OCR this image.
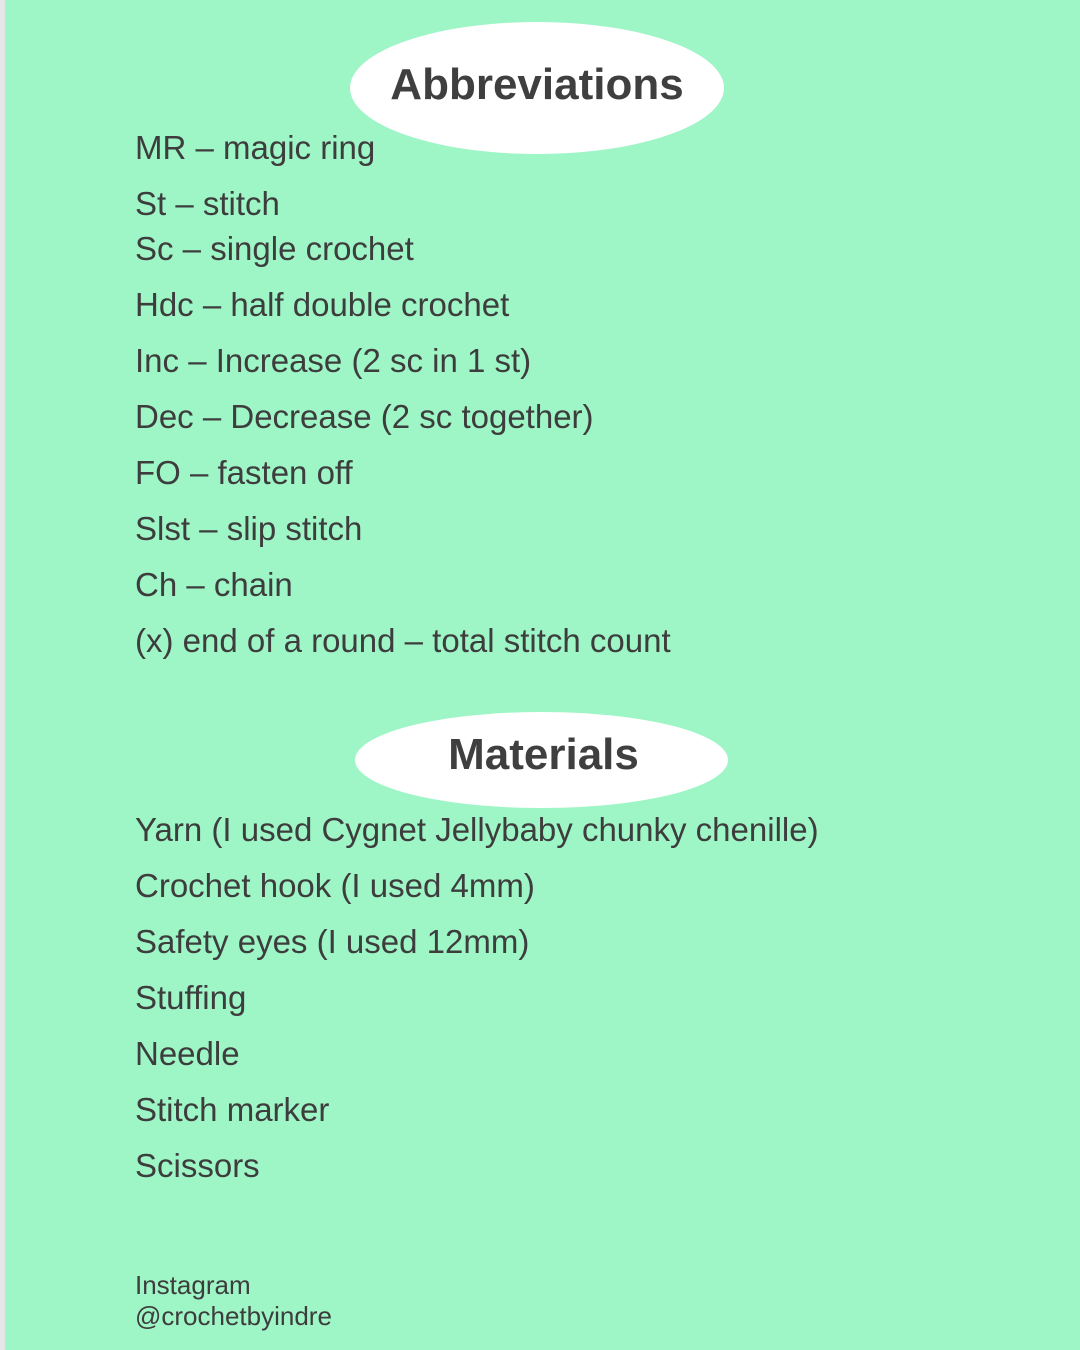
Abbreviations
MR – magic ring
St – stitch
Sc – single crochet
Hdc – half double crochet
Inc – Increase (2 sc in 1 st)
Dec – Decrease (2 sc together)
FO – fasten off
Slst – slip stitch
Ch – chain
(x) end of a round – total stitch count
Materials
Yarn (I used Cygnet Jellybaby chunky chenille)
Crochet hook (I used 4mm)
Safety eyes (I used 12mm)
Stuffing
Needle
Stitch marker
Scissors
Instagram
@crochetbyindre
